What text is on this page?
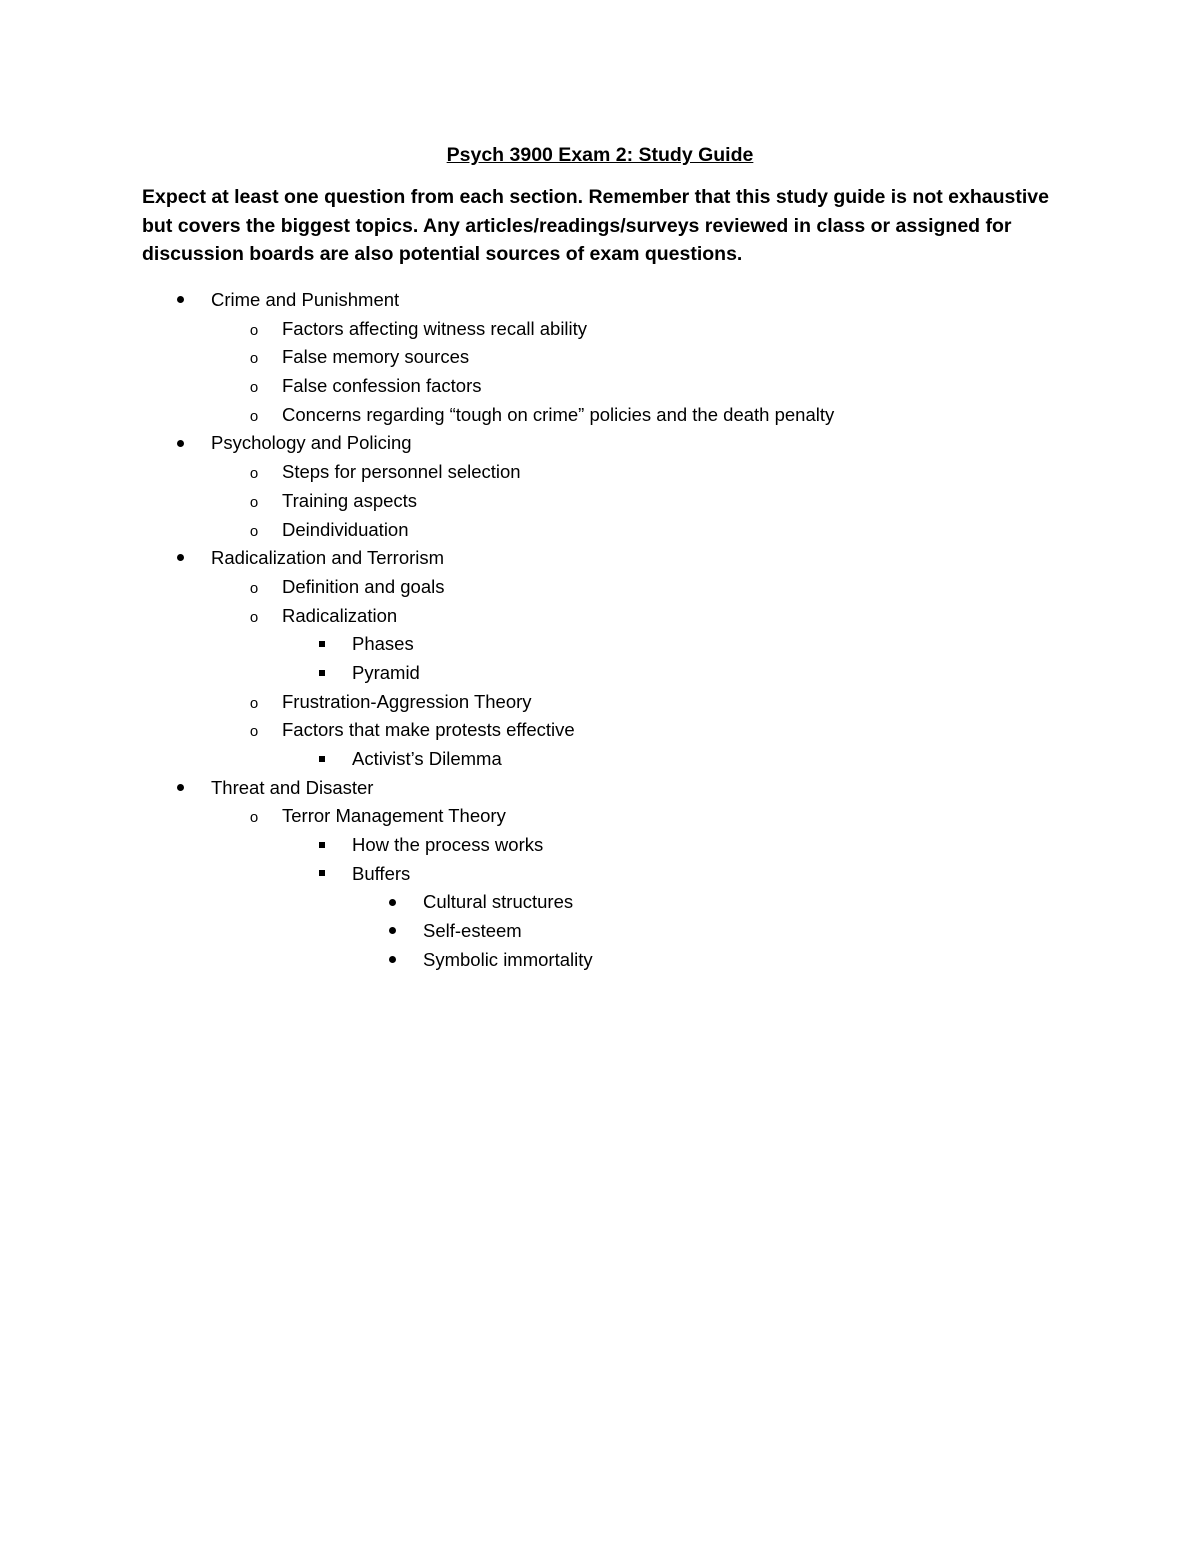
Psych 3900 Exam 2: Study Guide
Expect at least one question from each section. Remember that this study guide is not exhaustive but covers the biggest topics. Any articles/readings/surveys reviewed in class or assigned for discussion boards are also potential sources of exam questions.
Crime and Punishment
o	Factors affecting witness recall ability
o	False memory sources
o	False confession factors
o	Concerns regarding “tough on crime” policies and the death penalty
Psychology and Policing
o	Steps for personnel selection
o	Training aspects
o	Deindividuation
Radicalization and Terrorism
o	Definition and goals
o	Radicalization
Phases
Pyramid
o	Frustration-Aggression Theory
o	Factors that make protests effective
Activist’s Dilemma
Threat and Disaster
o	Terror Management Theory
How the process works
Buffers
Cultural structures
Self-esteem
Symbolic immortality
